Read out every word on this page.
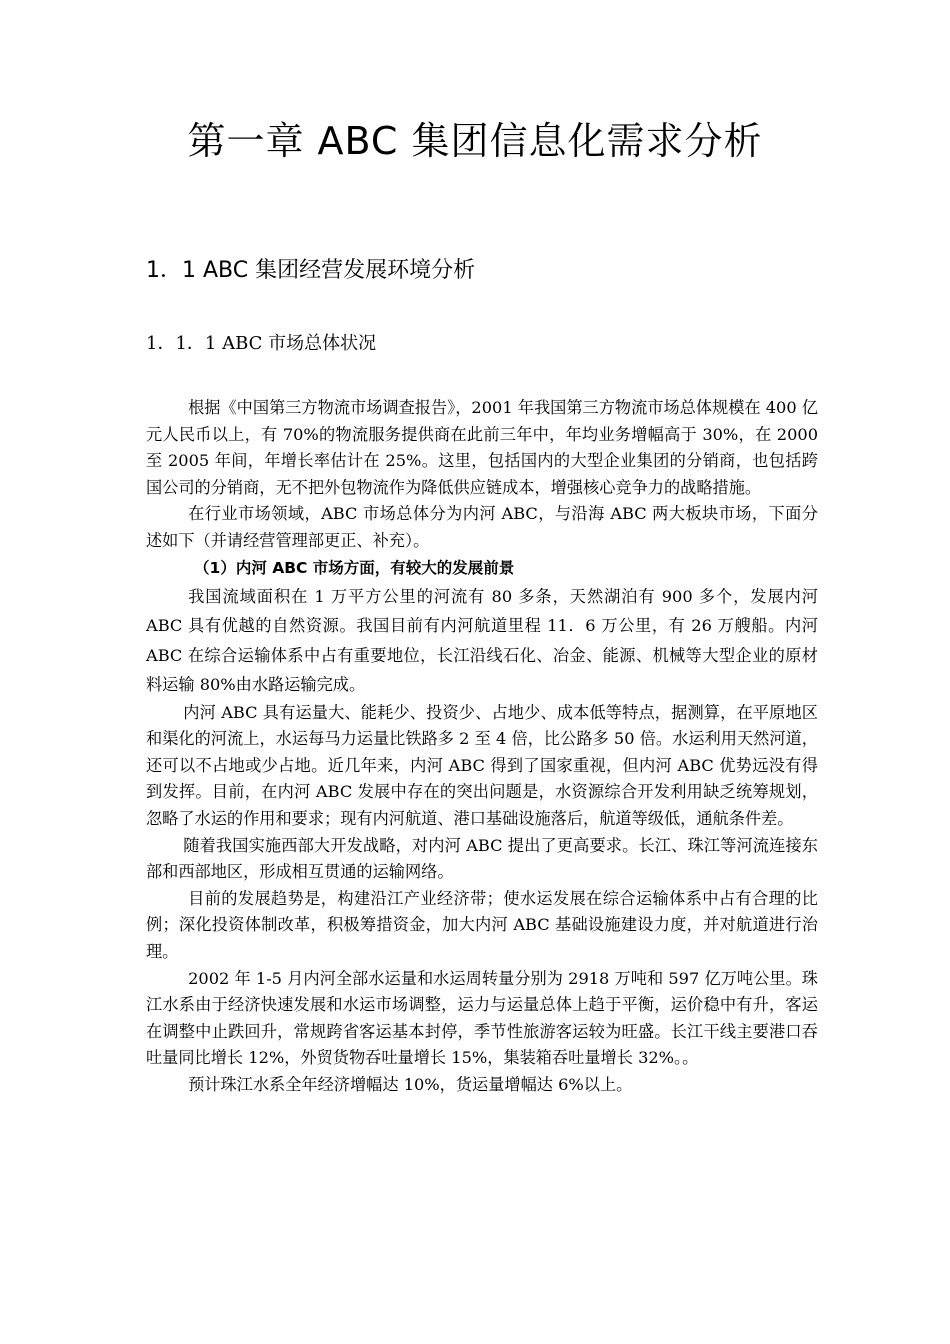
第一章 ABC 集团信息化需求分析
1．1 ABC 集团经营发展环境分析
1．1．1 ABC 市场总体状况

根据《中国第三方物流市场调查报告》，2001 年我国第三方物流市场总体规模在 400 亿元人民币以上，有 70%的物流服务提供商在此前三年中，年均业务增幅高于 30%，在 2000 至 2005 年间，年增长率估计在 25%。这里，包括国内的大型企业集团的分销商，也包括跨国公司的分销商，无不把外包物流作为降低供应链成本，增强核心竞争力的战略措施。

在行业市场领域，ABC 市场总体分为内河 ABC，与沿海 ABC 两大板块市场，下面分述如下（并请经营管理部更正、补充）。

（1）内河 ABC 市场方面，有较大的发展前景

我国流域面积在 1 万平方公里的河流有 80 多条，天然湖泊有 900 多个，发展内河 ABC 具有优越的自然资源。我国目前有内河航道里程 11．6 万公里，有 26 万艘船。内河 ABC 在综合运输体系中占有重要地位，长江沿线石化、冶金、能源、机械等大型企业的原材料运输 80%由水路运输完成。

内河 ABC 具有运量大、能耗少、投资少、占地少、成本低等特点，据测算，在平原地区和渠化的河流上，水运每马力运量比铁路多 2 至 4 倍，比公路多 50 倍。水运利用天然河道，还可以不占地或少占地。近几年来，内河 ABC 得到了国家重视，但内河 ABC 优势远没有得到发挥。目前，在内河 ABC 发展中存在的突出问题是，水资源综合开发利用缺乏统筹规划，忽略了水运的作用和要求；现有内河航道、港口基础设施落后，航道等级低，通航条件差。

随着我国实施西部大开发战略，对内河 ABC 提出了更高要求。长江、珠江等河流连接东部和西部地区，形成相互贯通的运输网络。

目前的发展趋势是，构建沿江产业经济带；使水运发展在综合运输体系中占有合理的比例；深化投资体制改革，积极筹措资金，加大内河 ABC 基础设施建设力度，并对航道进行治理。

2002 年 1-5 月内河全部水运量和水运周转量分别为 2918 万吨和 597 亿万吨公里。珠江水系由于经济快速发展和水运市场调整，运力与运量总体上趋于平衡，运价稳中有升，客运在调整中止跌回升，常规跨省客运基本封停，季节性旅游客运较为旺盛。长江干线主要港口吞吐量同比增长 12%，外贸货物吞吐量增长 15%，集装箱吞吐量增长 32%。。

预计珠江水系全年经济增幅达 10%，货运量增幅达 6%以上。
